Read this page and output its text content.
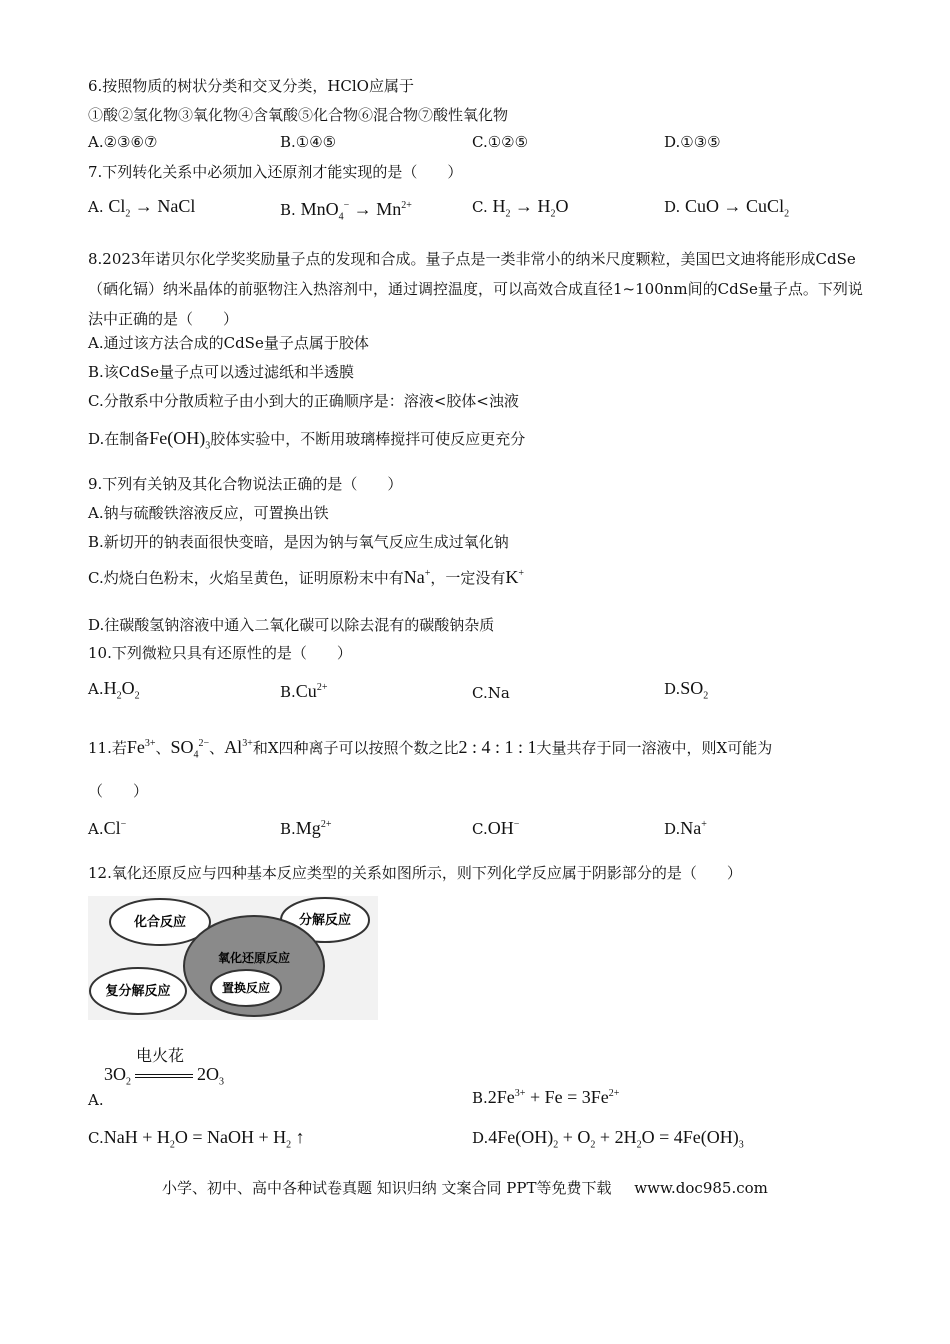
6.按照物质的树状分类和交叉分类，HClO应属于
①酸②氢化物③氧化物④含氧酸⑤化合物⑥混合物⑦酸性氧化物
A.②③⑥⑦	B.①④⑤	C.①②⑤	D.①③⑤
7.下列转化关系中必须加入还原剂才能实现的是（　　）
A. $Cl_2$ → NaCl	B. $MnO_4^- \to Mn^{2+}$	C. $H_2 \to H_2O$	D. CuO → CuCl$_2$
8.2023年诺贝尔化学奖奖励量子点的发现和合成。量子点是一类非常小的纳米尺度颗粒，美国巴文迪将能形成CdSe（硒化镉）纳米晶体的前驱物注入热溶剂中，通过调控温度，可以高效合成直径1~100nm间的CdSe量子点。下列说法中正确的是（　　）
A.通过该方法合成的CdSe量子点属于胶体
B.该CdSe量子点可以透过滤纸和半透膜
C.分散系中分散质粒子由小到大的正确顺序是：溶液<胶体<浊液
D.在制备$Fe(OH)_3$胶体实验中，不断用玻璃棒搅拌可使反应更充分
9.下列有关钠及其化合物说法正确的是（　　）
A.钠与硫酸铁溶液反应，可置换出铁
B.新切开的钠表面很快变暗，是因为钠与氧气反应生成过氧化钠
C.灼烧白色粉末，火焰呈黄色，证明原粉末中有Na+，一定没有K+
D.往碳酸氢钠溶液中通入二氧化碳可以除去混有的碳酸钠杂质
10.下列微粒只具有还原性的是（　　）
$A.H_2O_2$	$B.Cu^{2+}$	C.Na	$D.SO_2$
11.若$Fe^{3+}$、$SO_4^{2-}$、$Al^{3+}$和X四种离子可以按照个数之比2 : 4 : 1 : 1大量共存于同一溶液中，则X可能为
（　　）
A.Cl−	$B.Mg^{2+}$	C.OH−	D.Na+
12.氧化还原反应与四种基本反应类型的关系如图所示，则下列化学反应属于阴影部分的是（　　）
化合反应	分解反应
氧化还原反应
复分解反应	置换反应
电火花
$3O_2$	$2O_3$
A.	$B.2Fe^{3+} + Fe = 3Fe^{2+}$
$C.NaH + H_2O$ = NaOH + $H_2$ ↑	$D.4Fe(OH)_2 + O_2 + 2H_2O = 4Fe(OH)_3$
小学、初中、高中各种试卷真题 知识归纳 文案合同 PPT等免费下载 www.doc985.com
